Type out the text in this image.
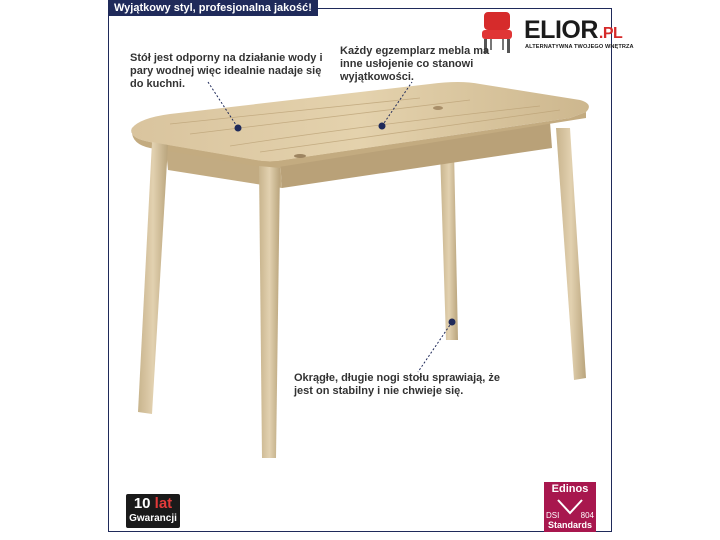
Wyjątkowy styl, profesjonalna jakość!
ELIOR.PL
ALTERNATYWNA TWOJEGO WNĘTRZA
Stół jest odporny na działanie wody i pary wodnej więc idealnie nadaje się do kuchni.
Każdy egzemplarz mebla ma inne usłojenie co stanowi wyjątkowości.
Okrągłe, długie nogi stołu sprawiają, że jest on stabilny i nie chwieje się.
10 lat
Gwarancji
Edinos
DSI	804
Standards
